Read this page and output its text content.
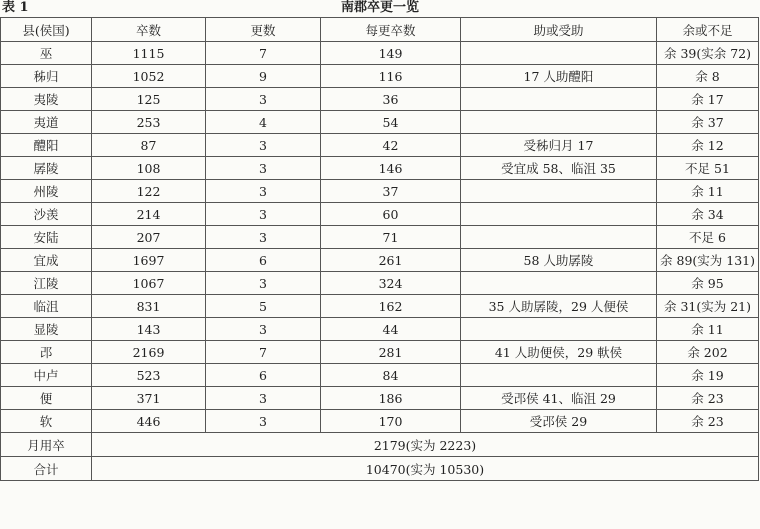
表 1	南郡卒更一览
县(侯国)	卒数	更数	每更卒数	助或受助	余或不足
巫	1115	7	149		余 39(实余 72)
秭归	1052	9	116	17 人助醴阳	余 8
夷陵	125	3	36		余 17
夷道	253	4	54		余 37
醴阳	87	3	42	受秭归月 17	余 12
孱陵	108	3	146	受宜成 58、临沮 35	不足 51
州陵	122	3	37		余 11
沙羡	214	3	60		余 34
安陆	207	3	71		不足 6
宜成	1697	6	261	58 人助孱陵	余 89(实为 131)
江陵	1067	3	324		余 95
临沮	831	5	162	35 人助孱陵，29 人便侯	余 31(实为 21)
显陵	143	3	44		余 11
邔	2169	7	281	41 人助便侯，29 軑侯	余 202
中卢	523	6	84		余 19
便	371	3	186	受邔侯 41、临沮 29	余 23
软	446	3	170	受邔侯 29	余 23
月用卒	2179(实为 2223)				
合计	10470(实为 10530)				
